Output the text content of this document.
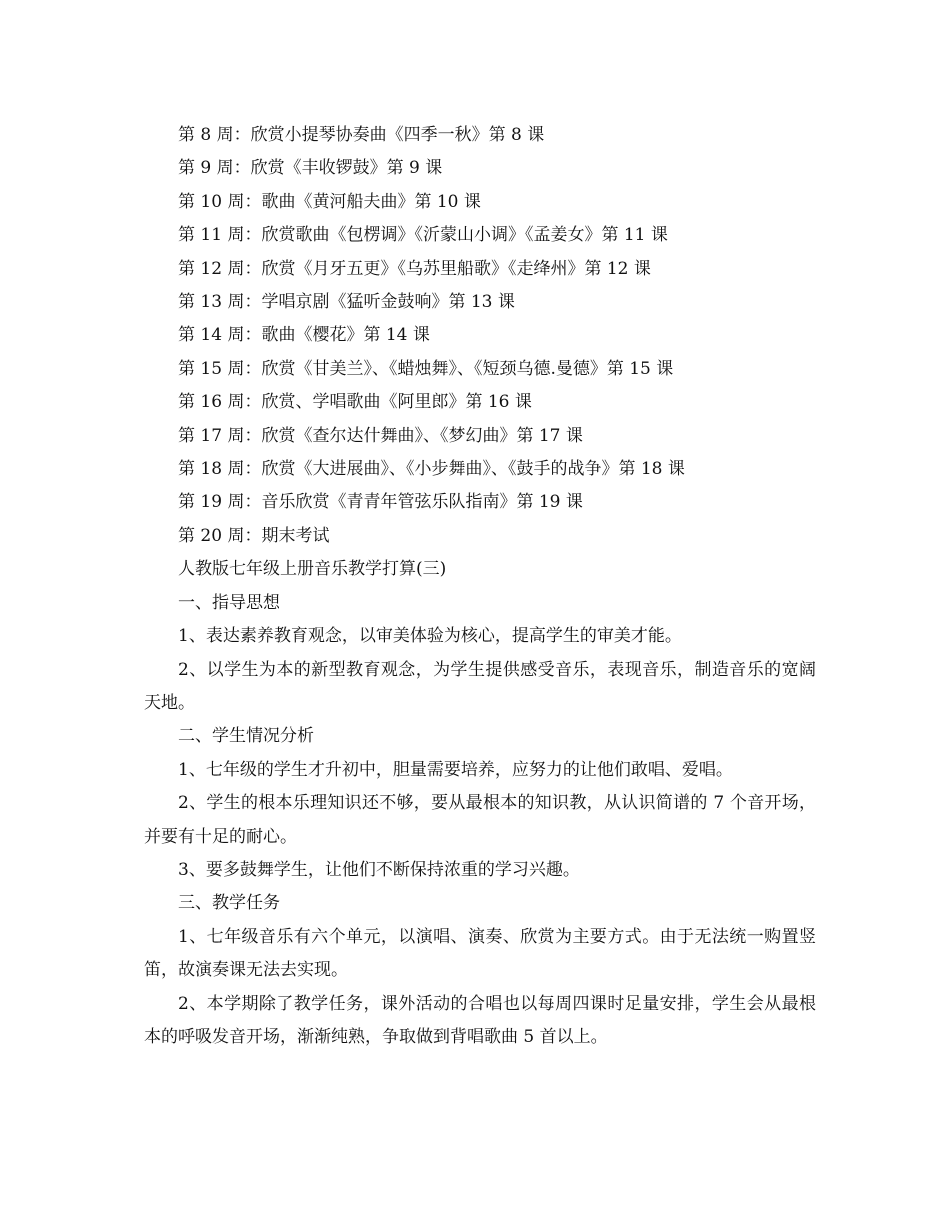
第 8 周：欣赏小提琴协奏曲《四季一秋》第 8 课
第 9 周：欣赏《丰收锣鼓》第 9 课
第 10 周：歌曲《黄河船夫曲》第 10 课
第 11 周：欣赏歌曲《包楞调》《沂蒙山小调》《孟姜女》第 11 课
第 12 周：欣赏《月牙五更》《乌苏里船歌》《走绛州》第 12 课
第 13 周：学唱京剧《猛听金鼓响》第 13 课
第 14 周：歌曲《樱花》第 14 课
第 15 周：欣赏《甘美兰》、《蜡烛舞》、《短颈乌德.曼德》第 15 课
第 16 周：欣赏、学唱歌曲《阿里郎》第 16 课
第 17 周：欣赏《查尔达什舞曲》、《梦幻曲》第 17 课
第 18 周：欣赏《大进展曲》、《小步舞曲》、《鼓手的战争》第 18 课
第 19 周：音乐欣赏《青青年管弦乐队指南》第 19 课
第 20 周：期末考试
人教版七年级上册音乐教学打算(三)
一、指导思想

1、表达素养教育观念，以审美体验为核心，提高学生的审美才能。

2、以学生为本的新型教育观念，为学生提供感受音乐，表现音乐，制造音乐的宽阔天地。

二、学生情况分析

1、七年级的学生才升初中，胆量需要培养，应努力的让他们敢唱、爱唱。

2、学生的根本乐理知识还不够，要从最根本的知识教，从认识简谱的 7 个音开场，并要有十足的耐心。

3、要多鼓舞学生，让他们不断保持浓重的学习兴趣。

三、教学任务

1、七年级音乐有六个单元，以演唱、演奏、欣赏为主要方式。由于无法统一购置竖笛，故演奏课无法去实现。

2、本学期除了教学任务，课外活动的合唱也以每周四课时足量安排，学生会从最根本的呼吸发音开场，渐渐纯熟，争取做到背唱歌曲 5 首以上。
